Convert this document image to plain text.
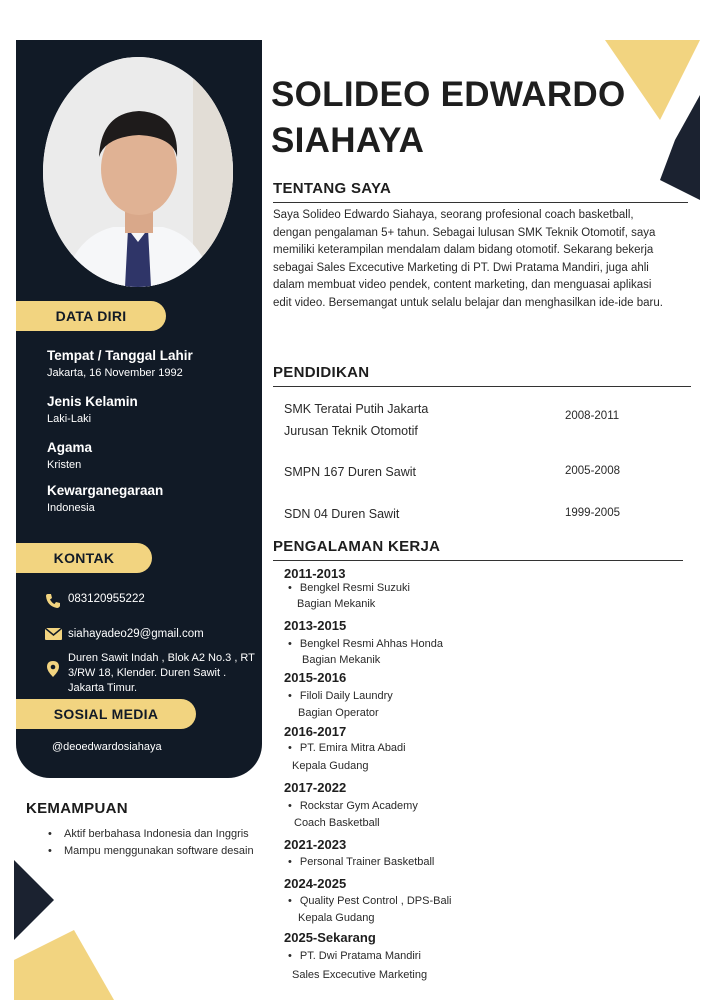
DATA DIRI
Tempat / Tanggal Lahir
Jakarta, 16 November 1992
Jenis Kelamin
Laki-Laki
Agama
Kristen
Kewarganegaraan
Indonesia
KONTAK
083120955222
siahayadeo29@gmail.com
Duren Sawit Indah , Blok A2 No.3 , RT 3/RW 18, Klender. Duren Sawit . Jakarta Timur.
SOSIAL MEDIA
@deoedwardosiahaya
KEMAMPUAN
• Aktif berbahasa Indonesia dan Inggris
• Mampu menggunakan software desain
SOLIDEO EDWARDO SIAHAYA
TENTANG SAYA
Saya Solideo Edwardo Siahaya, seorang profesional coach basketball, dengan pengalaman 5+ tahun. Sebagai lulusan SMK Teknik Otomotif, saya memiliki keterampilan mendalam dalam bidang otomotif. Sekarang bekerja sebagai Sales Excecutive Marketing di PT. Dwi Pratama Mandiri, juga ahli dalam membuat video pendek, content marketing, dan menguasai aplikasi edit video. Bersemangat untuk selalu belajar dan menghasilkan ide-ide baru.
PENDIDIKAN
SMK Teratai Putih Jakarta
Jurusan Teknik Otomotif
2008-2011
SMPN 167 Duren Sawit	2005-2008
SDN 04 Duren Sawit	1999-2005
PENGALAMAN KERJA
2011-2013
• Bengkel Resmi Suzuki
Bagian Mekanik
2013-2015
• Bengkel Resmi Ahhas Honda
Bagian Mekanik
2015-2016
• Filoli Daily Laundry
Bagian Operator
2016-2017
• PT. Emira Mitra Abadi
Kepala Gudang
2017-2022
• Rockstar Gym Academy
Coach Basketball
2021-2023
• Personal Trainer Basketball
2024-2025
• Quality Pest Control , DPS-Bali
Kepala Gudang
2025-Sekarang
• PT. Dwi Pratama Mandiri
Sales Excecutive Marketing
